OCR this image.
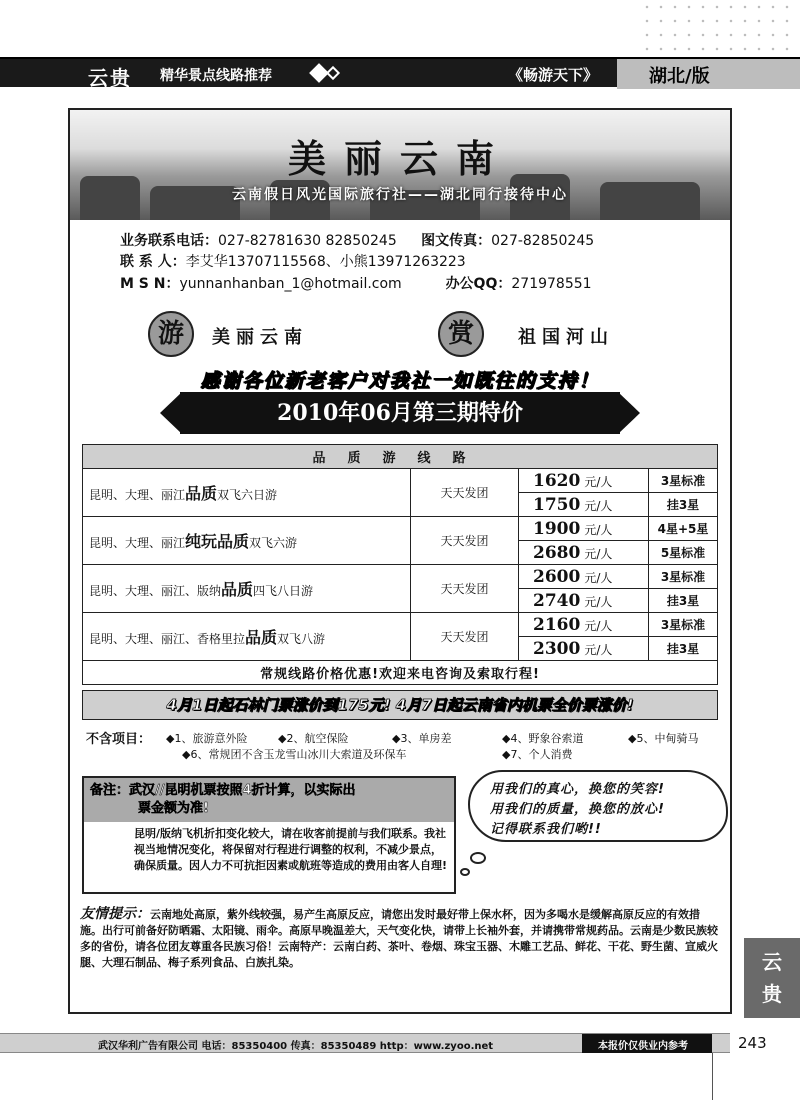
云贵 精华景点线路推荐	《畅游天下》	湖北/版
美丽云南
云南假日风光国际旅行社——湖北同行接待中心
业务联系电话：027-82781630 82850245 图文传真：027-82850245
联 系 人：李艾华13707115568、小熊13971263223
M S N：yunnanhanban_1@hotmail.com	办公QQ：271978551
游	美丽云南	赏	祖国河山
感谢各位新老客户对我社一如既往的支持！
2010年06月第三期特价
品质游线路			
昆明、大理、丽江品质双飞六日游	天天发团	1620 元/人	3星标准
		1750 元/人	挂3星
昆明、大理、丽江纯玩品质双飞六游	天天发团	1900 元/人	4星+5星
		2680 元/人	5星标准
昆明、大理、丽江、版纳品质四飞八日游	天天发团	2600 元/人	3星标准
		2740 元/人	挂3星
昆明、大理、丽江、香格里拉品质双飞八游	天天发团	2160 元/人	3星标准
		2300 元/人	挂3星
常规线路价格优惠!欢迎来电咨询及索取行程!			
4月1日起石林门票涨价到175元! 4月7日起云南省内机票全价票涨价!
不含项目： ◆1、旅游意外险	◆2、航空保险	◆3、单房差	◆4、野象谷索道	◆5、中甸骑马
◆6、常规团不含玉龙雪山冰川大索道及环保车	◆7、个人消费
备注：武汉//昆明机票按照4折计算，以实际出
票金额为准!
昆明/版纳飞机折扣变化较大，请在收客前提前与我们联系。我社视当地情况变化，将保留对行程进行调整的权利，不减少景点，确保质量。因人力不可抗拒因素或航班等造成的费用由客人自理!
用我们的真心，换您的笑容!
用我们的质量，换您的放心!
记得联系我们哟!!
友情提示：云南地处高原，紫外线较强，易产生高原反应，请您出发时最好带上保水杯，因为多喝水是缓解高原反应的有效措施。出行可前备好防晒霜、太阳镜、雨伞。高原早晚温差大，天气变化快，请带上长袖外套，并请携带常规药品。云南是少数民族较多的省份，请各位团友尊重各民族习俗！云南特产：云南白药、茶叶、卷烟、珠宝玉器、木雕工艺品、鲜花、干花、野生菌、宣威火腿、大理石制品、梅子系列食品、白族扎染。	云
贵
武汉华利广告有限公司 电话：85350400 传真：85350489 http：www.zyoo.net	本报价仅供业内参考	243
